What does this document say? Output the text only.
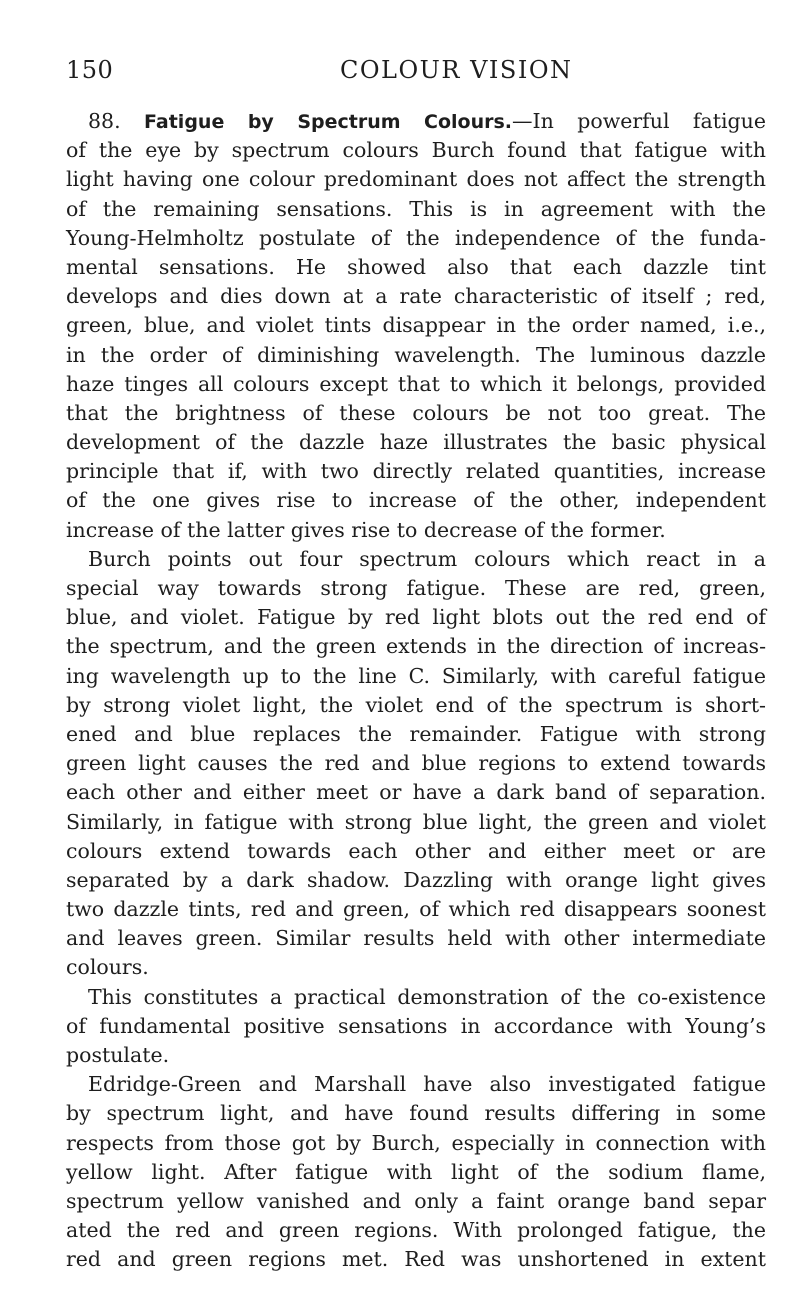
150	COLOUR VISION
88. Fatigue by Spectrum Colours.—In powerful fatigue
of the eye by spectrum colours Burch found that fatigue with
light having one colour predominant does not affect the strength
of the remaining sensations. This is in agreement with the
Young-Helmholtz postulate of the independence of the funda-
mental sensations. He showed also that each dazzle tint
develops and dies down at a rate characteristic of itself ; red,
green, blue, and violet tints disappear in the order named, i.e.,
in the order of diminishing wavelength. The luminous dazzle
haze tinges all colours except that to which it belongs, provided
that the brightness of these colours be not too great. The
development of the dazzle haze illustrates the basic physical
principle that if, with two directly related quantities, increase
of the one gives rise to increase of the other, independent
increase of the latter gives rise to decrease of the former.
Burch points out four spectrum colours which react in a
special way towards strong fatigue. These are red, green,
blue, and violet. Fatigue by red light blots out the red end of
the spectrum, and the green extends in the direction of increas-
ing wavelength up to the line C. Similarly, with careful fatigue
by strong violet light, the violet end of the spectrum is short-
ened and blue replaces the remainder. Fatigue with strong
green light causes the red and blue regions to extend towards
each other and either meet or have a dark band of separation.
Similarly, in fatigue with strong blue light, the green and violet
colours extend towards each other and either meet or are
separated by a dark shadow. Dazzling with orange light gives
two dazzle tints, red and green, of which red disappears soonest
and leaves green. Similar results held with other intermediate
colours.
This constitutes a practical demonstration of the co-existence
of fundamental positive sensations in accordance with Young’s
postulate.
Edridge-Green and Marshall have also investigated fatigue
by spectrum light, and have found results differing in some
respects from those got by Burch, especially in connection with
yellow light. After fatigue with light of the sodium flame,
spectrum yellow vanished and only a faint orange band separ
ated the red and green regions. With prolonged fatigue, the
red and green regions met. Red was unshortened in extent
